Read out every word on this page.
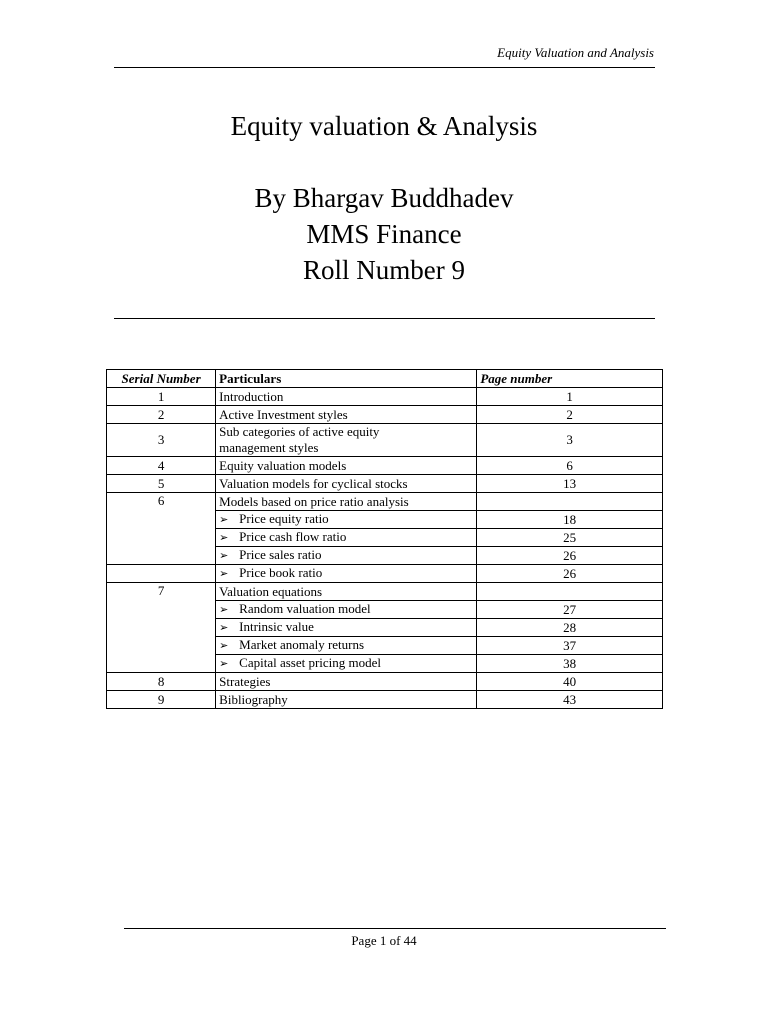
Equity Valuation and Analysis
Equity valuation & Analysis
By Bhargav Buddhadev
MMS Finance
Roll Number 9
Serial Number	Particulars	Page number
1	Introduction	1
2	Active Investment styles	2
3	Sub categories of active equity
management styles	3
4	Equity valuation models	6
5	Valuation models for cyclical stocks	13
6	Models based on price ratio analysis	
	➢ Price equity ratio	18
	➢ Price cash flow ratio	25
	➢ Price sales ratio	26
	➢ Price book ratio	26
7	Valuation equations	
	➢ Random valuation model	27
	➢ Intrinsic value	28
	➢ Market anomaly returns	37
	➢ Capital asset pricing model	38
8	Strategies	40
9	Bibliography	43
Page 1 of 44
